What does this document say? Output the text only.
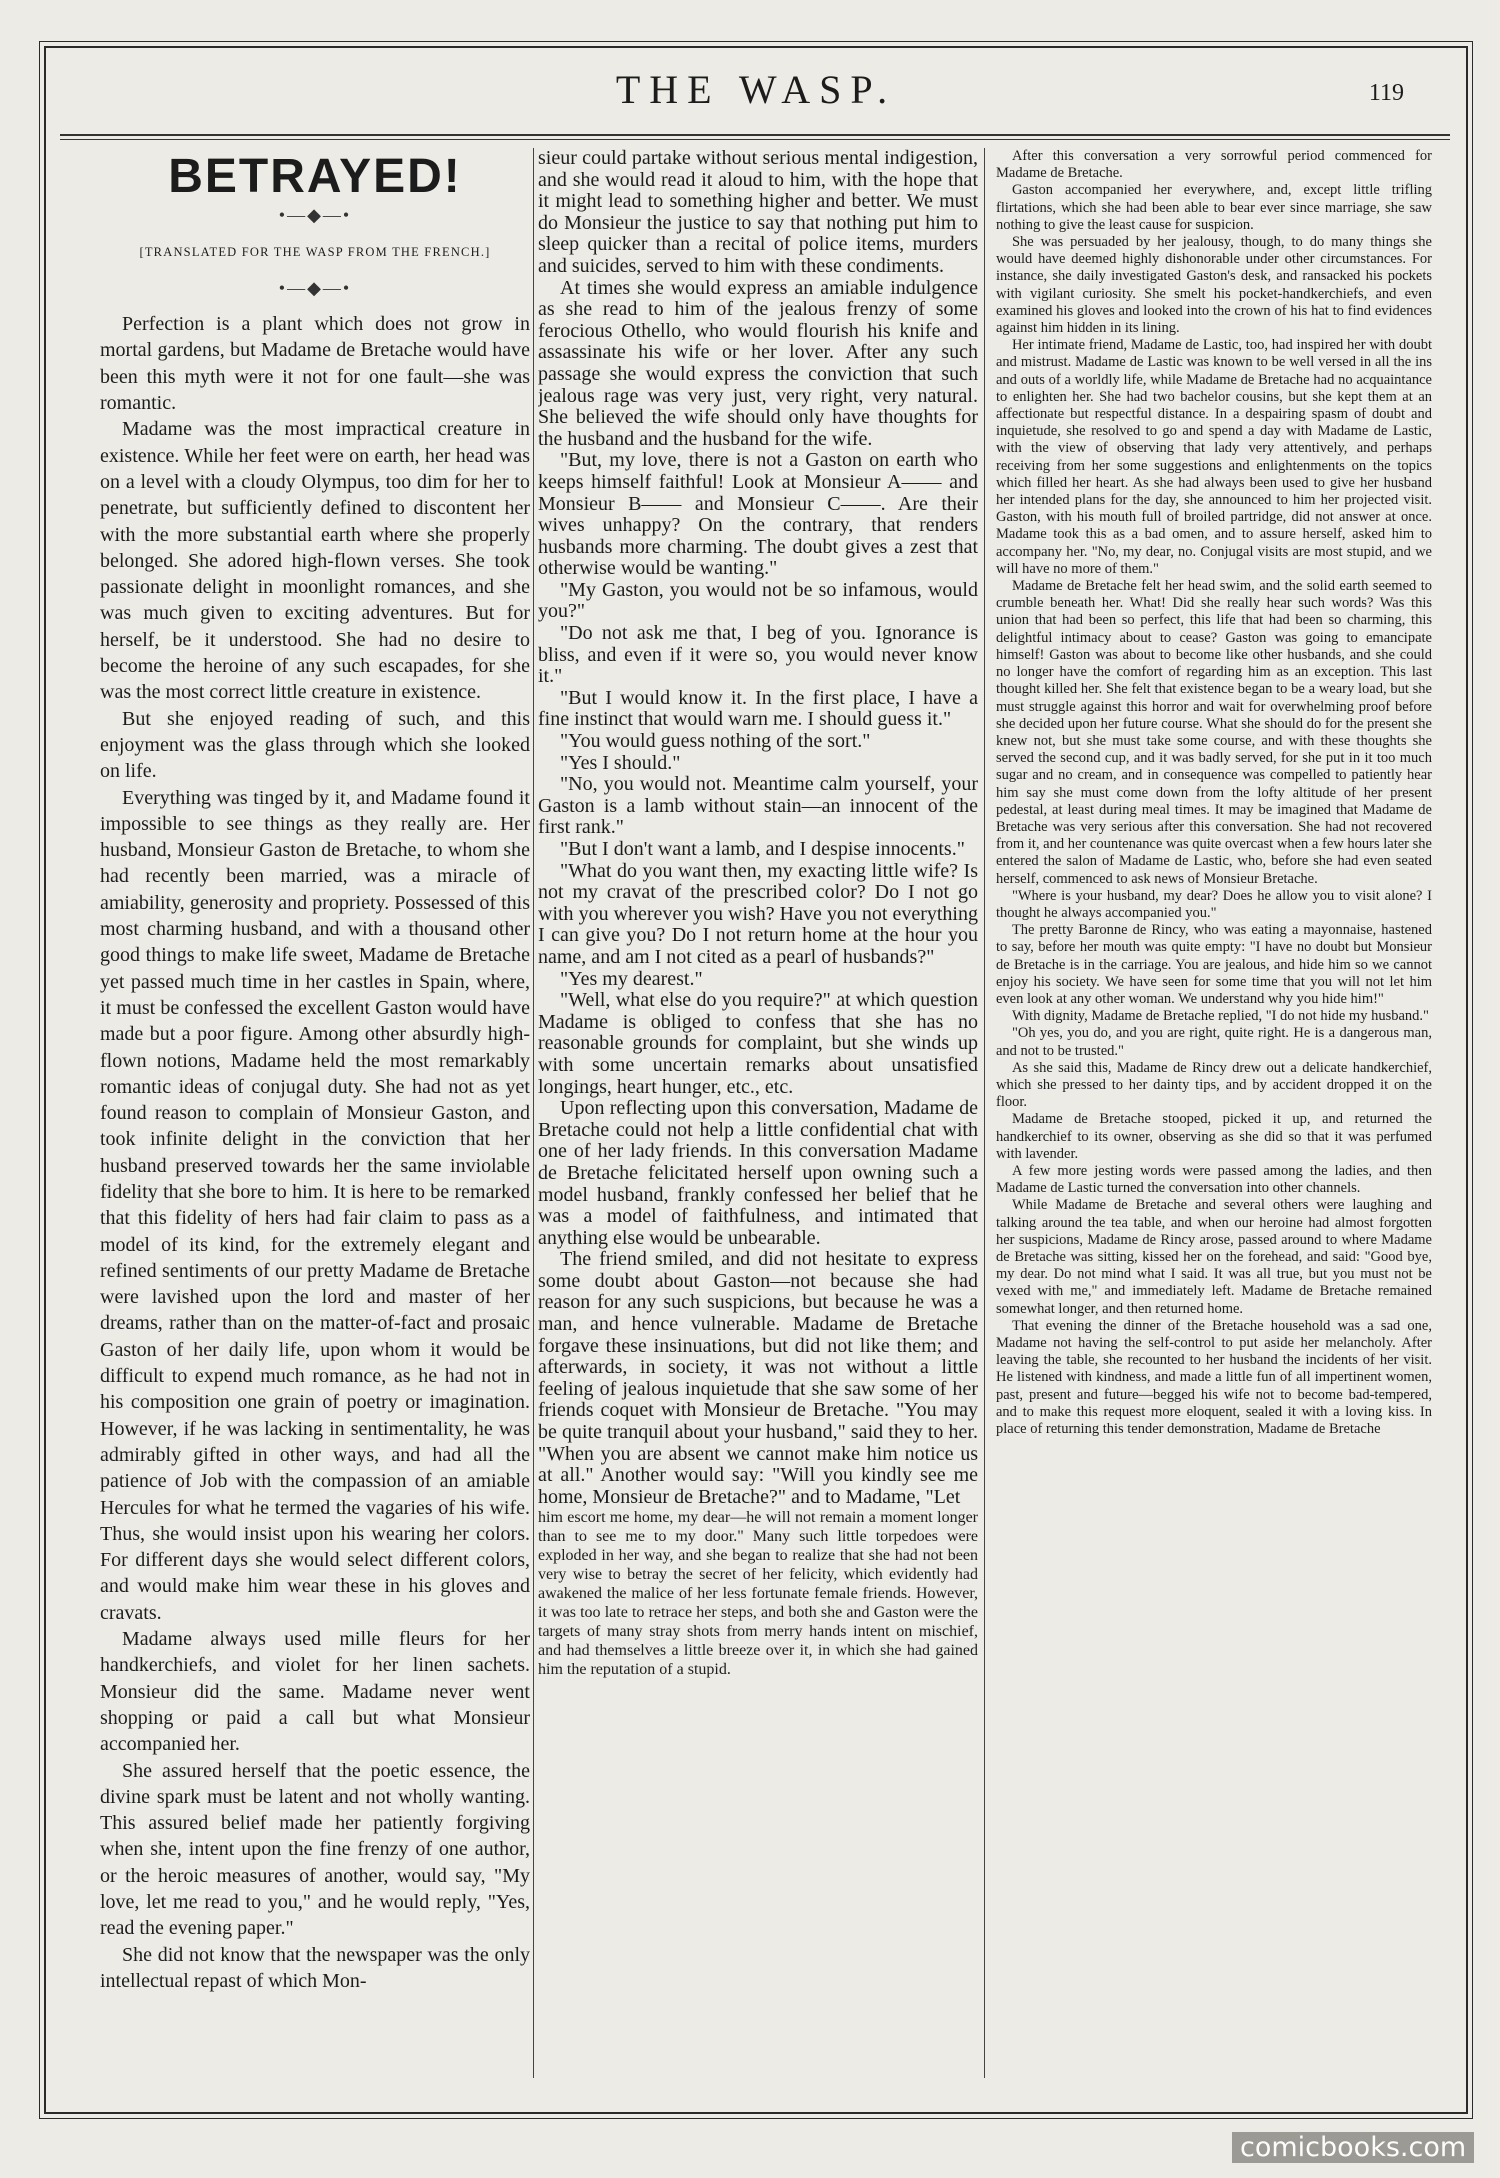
THE WASP.	119
BETRAYED!
•—◆—•
[TRANSLATED FOR THE WASP FROM THE FRENCH.]
•—◆—•

Perfection is a plant which does not grow in mortal gardens, but Madame de Bretache would have been this myth were it not for one fault—she was romantic.

Madame was the most impractical creature in existence. While her feet were on earth, her head was on a level with a cloudy Olympus, too dim for her to penetrate, but sufficiently defined to discontent her with the more substantial earth where she properly belonged. She adored high-flown verses. She took passionate delight in moonlight romances, and she was much given to exciting adventures. But for herself, be it understood. She had no desire to become the heroine of any such escapades, for she was the most correct little creature in existence.

But she enjoyed reading of such, and this enjoyment was the glass through which she looked on life.

Everything was tinged by it, and Madame found it impossible to see things as they really are. Her husband, Monsieur Gaston de Bretache, to whom she had recently been married, was a miracle of amiability, generosity and propriety. Possessed of this most charming husband, and with a thousand other good things to make life sweet, Madame de Bretache yet passed much time in her castles in Spain, where, it must be confessed the excellent Gaston would have made but a poor figure. Among other absurdly high-flown notions, Madame held the most remarkably romantic ideas of conjugal duty. She had not as yet found reason to complain of Monsieur Gaston, and took infinite delight in the conviction that her husband preserved towards her the same inviolable fidelity that she bore to him. It is here to be remarked that this fidelity of hers had fair claim to pass as a model of its kind, for the extremely elegant and refined sentiments of our pretty Madame de Bretache were lavished upon the lord and master of her dreams, rather than on the matter-of-fact and prosaic Gaston of her daily life, upon whom it would be difficult to expend much romance, as he had not in his composition one grain of poetry or imagination. However, if he was lacking in sentimentality, he was admirably gifted in other ways, and had all the patience of Job with the compassion of an amiable Hercules for what he termed the vagaries of his wife. Thus, she would insist upon his wearing her colors. For different days she would select different colors, and would make him wear these in his gloves and cravats.

Madame always used mille fleurs for her handkerchiefs, and violet for her linen sachets. Monsieur did the same. Madame never went shopping or paid a call but what Monsieur accompanied her.

She assured herself that the poetic essence, the divine spark must be latent and not wholly wanting. This assured belief made her patiently forgiving when she, intent upon the fine frenzy of one author, or the heroic measures of another, would say, "My love, let me read to you," and he would reply, "Yes, read the evening paper."

She did not know that the newspaper was the only intellectual repast of which Mon-

sieur could partake without serious mental indigestion, and she would read it aloud to him, with the hope that it might lead to something higher and better. We must do Monsieur the justice to say that nothing put him to sleep quicker than a recital of police items, murders and suicides, served to him with these condiments.

At times she would express an amiable indulgence as she read to him of the jealous frenzy of some ferocious Othello, who would flourish his knife and assassinate his wife or her lover. After any such passage she would express the conviction that such jealous rage was very just, very right, very natural. She believed the wife should only have thoughts for the husband and the husband for the wife.

"But, my love, there is not a Gaston on earth who keeps himself faithful! Look at Monsieur A—— and Monsieur B—— and Monsieur C——. Are their wives unhappy? On the contrary, that renders husbands more charming. The doubt gives a zest that otherwise would be wanting."

"My Gaston, you would not be so infamous, would you?"

"Do not ask me that, I beg of you. Ignorance is bliss, and even if it were so, you would never know it."

"But I would know it. In the first place, I have a fine instinct that would warn me. I should guess it."

"You would guess nothing of the sort."

"Yes I should."

"No, you would not. Meantime calm yourself, your Gaston is a lamb without stain—an innocent of the first rank."

"But I don't want a lamb, and I despise innocents."

"What do you want then, my exacting little wife? Is not my cravat of the prescribed color? Do I not go with you wherever you wish? Have you not everything I can give you? Do I not return home at the hour you name, and am I not cited as a pearl of husbands?"

"Yes my dearest."

"Well, what else do you require?" at which question Madame is obliged to confess that she has no reasonable grounds for complaint, but she winds up with some uncertain remarks about unsatisfied longings, heart hunger, etc., etc.

Upon reflecting upon this conversation, Madame de Bretache could not help a little confidential chat with one of her lady friends. In this conversation Madame de Bretache felicitated herself upon owning such a model husband, frankly confessed her belief that he was a model of faithfulness, and intimated that anything else would be unbearable.

The friend smiled, and did not hesitate to express some doubt about Gaston—not because she had reason for any such suspicions, but because he was a man, and hence vulnerable. Madame de Bretache forgave these insinuations, but did not like them; and afterwards, in society, it was not without a little feeling of jealous inquietude that she saw some of her friends coquet with Monsieur de Bretache. "You may be quite tranquil about your husband," said they to her. "When you are absent we cannot make him notice us at all." Another would say: "Will you kindly see me home, Monsieur de Bretache?" and to Madame, "Let

him escort me home, my dear—he will not remain a moment longer than to see me to my door." Many such little torpedoes were exploded in her way, and she began to realize that she had not been very wise to betray the secret of her felicity, which evidently had awakened the malice of her less fortunate female friends. However, it was too late to retrace her steps, and both she and Gaston were the targets of many stray shots from merry hands intent on mischief, and had themselves a little breeze over it, in which she had gained him the reputation of a stupid.

After this conversation a very sorrowful period commenced for Madame de Bretache.

Gaston accompanied her everywhere, and, except little trifling flirtations, which she had been able to bear ever since marriage, she saw nothing to give the least cause for suspicion.

She was persuaded by her jealousy, though, to do many things she would have deemed highly dishonorable under other circumstances. For instance, she daily investigated Gaston's desk, and ransacked his pockets with vigilant curiosity. She smelt his pocket-handkerchiefs, and even examined his gloves and looked into the crown of his hat to find evidences against him hidden in its lining.

Her intimate friend, Madame de Lastic, too, had inspired her with doubt and mistrust. Madame de Lastic was known to be well versed in all the ins and outs of a worldly life, while Madame de Bretache had no acquaintance to enlighten her. She had two bachelor cousins, but she kept them at an affectionate but respectful distance. In a despairing spasm of doubt and inquietude, she resolved to go and spend a day with Madame de Lastic, with the view of observing that lady very attentively, and perhaps receiving from her some suggestions and enlightenments on the topics which filled her heart. As she had always been used to give her husband her intended plans for the day, she announced to him her projected visit. Gaston, with his mouth full of broiled partridge, did not answer at once. Madame took this as a bad omen, and to assure herself, asked him to accompany her. "No, my dear, no. Conjugal visits are most stupid, and we will have no more of them."

Madame de Bretache felt her head swim, and the solid earth seemed to crumble beneath her. What! Did she really hear such words? Was this union that had been so perfect, this life that had been so charming, this delightful intimacy about to cease? Gaston was going to emancipate himself! Gaston was about to become like other husbands, and she could no longer have the comfort of regarding him as an exception. This last thought killed her. She felt that existence began to be a weary load, but she must struggle against this horror and wait for overwhelming proof before she decided upon her future course. What she should do for the present she knew not, but she must take some course, and with these thoughts she served the second cup, and it was badly served, for she put in it too much sugar and no cream, and in consequence was compelled to patiently hear him say she must come down from the lofty altitude of her present pedestal, at least during meal times. It may be imagined that Madame de Bretache was very serious after this conversation. She had not recovered from it, and her countenance was quite overcast when a few hours later she entered the salon of Madame de Lastic, who, before she had even seated herself, commenced to ask news of Monsieur Bretache.

"Where is your husband, my dear? Does he allow you to visit alone? I thought he always accompanied you."

The pretty Baronne de Rincy, who was eating a mayonnaise, hastened to say, before her mouth was quite empty: "I have no doubt but Monsieur de Bretache is in the carriage. You are jealous, and hide him so we cannot enjoy his society. We have seen for some time that you will not let him even look at any other woman. We understand why you hide him!"

With dignity, Madame de Bretache replied, "I do not hide my husband."

"Oh yes, you do, and you are right, quite right. He is a dangerous man, and not to be trusted."

As she said this, Madame de Rincy drew out a delicate handkerchief, which she pressed to her dainty tips, and by accident dropped it on the floor.

Madame de Bretache stooped, picked it up, and returned the handkerchief to its owner, observing as she did so that it was perfumed with lavender.

A few more jesting words were passed among the ladies, and then Madame de Lastic turned the conversation into other channels.

While Madame de Bretache and several others were laughing and talking around the tea table, and when our heroine had almost forgotten her suspicions, Madame de Rincy arose, passed around to where Madame de Bretache was sitting, kissed her on the forehead, and said: "Good bye, my dear. Do not mind what I said. It was all true, but you must not be vexed with me," and immediately left. Madame de Bretache remained somewhat longer, and then returned home.

That evening the dinner of the Bretache household was a sad one, Madame not having the self-control to put aside her melancholy. After leaving the table, she recounted to her husband the incidents of her visit. He listened with kindness, and made a little fun of all impertinent women, past, present and future—begged his wife not to become bad-tempered, and to make this request more eloquent, sealed it with a loving kiss. In place of returning this tender demonstration, Madame de Bretache

comicbooks.com
